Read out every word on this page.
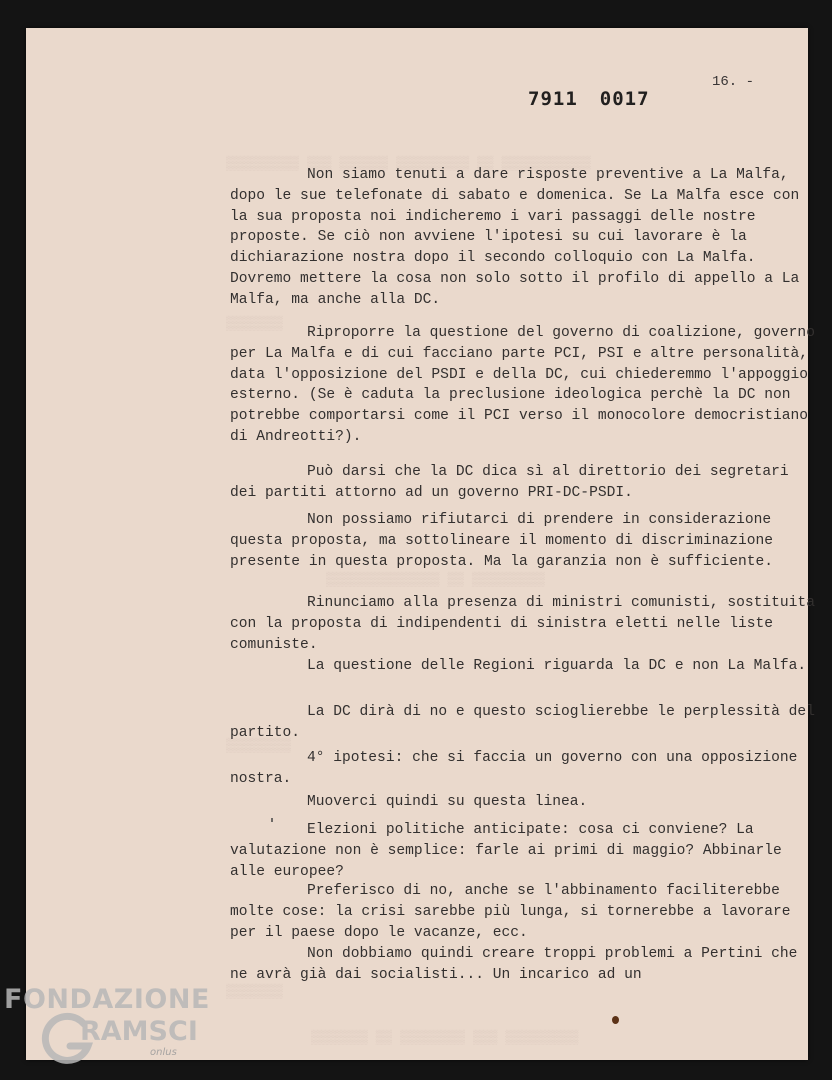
▒▒▒▒▒▒▒▒▒ ▒▒▒ ▒▒▒▒▒▒ ▒▒▒▒▒▒▒▒▒ ▒▒ ▒▒▒▒▒▒▒▒▒▒▒
▒▒▒▒▒▒▒
▒▒▒▒▒▒▒▒▒▒▒▒▒▒ ▒▒ ▒▒▒▒▒▒▒▒▒
▒▒▒▒▒▒▒▒
▒▒▒▒▒▒▒
▒▒▒▒▒▒▒ ▒▒ ▒▒▒▒▒▒▒▒ ▒▒▒ ▒▒▒▒▒▒▒▒▒
7911 0017
16. -

Non siamo tenuti a dare risposte preventive a La Malfa, dopo le sue telefonate di sabato e domenica. Se La Malfa esce con la sua proposta noi indicheremo i vari passaggi delle nostre proposte. Se ciò non avviene l'ipotesi su cui lavorare è la dichiarazione nostra dopo il secondo colloquio con La Malfa. Dovremo mettere la cosa non solo sotto il profilo di appello a La Malfa, ma anche alla DC.

Riproporre la questione del governo di coalizione, governo per La Malfa e di cui facciano parte PCI, PSI e altre personalità, data l'opposizione del PSDI e della DC, cui chiederemmo l'appoggio esterno. (Se è caduta la preclusione ideologica perchè la DC non potrebbe comportarsi come il PCI verso il monocolore democristiano di Andreotti?).

Può darsi che la DC dica sì al direttorio dei segretari dei partiti attorno ad un governo PRI-DC-PSDI.

Non possiamo rifiutarci di prendere in considerazione questa proposta, ma sottolineare il momento di discriminazione presente in questa proposta. Ma la garanzia non è sufficiente.

Rinunciamo alla presenza di ministri comunisti, sostituita con la proposta di indipendenti di sinistra eletti nelle liste comuniste.

La questione delle Regioni riguarda la DC e non La Malfa.

La DC dirà di no e questo scioglierebbe le perplessità del partito.

4° ipotesi: che si faccia un governo con una opposizione nostra.

Muoverci quindi su questa linea.

Elezioni politiche anticipate: cosa ci conviene? La valutazione non è semplice: farle ai primi di maggio? Abbinarle alle europee?

Preferisco di no, anche se l'abbinamento faciliterebbe molte cose: la crisi sarebbe più lunga, si tornerebbe a lavorare per il paese dopo le vacanze, ecc.

Non dobbiamo quindi creare troppi problemi a Pertini che ne avrà già dai socialisti... Un incarico ad un

FONDAZIONE
RAMSCI
onlus
